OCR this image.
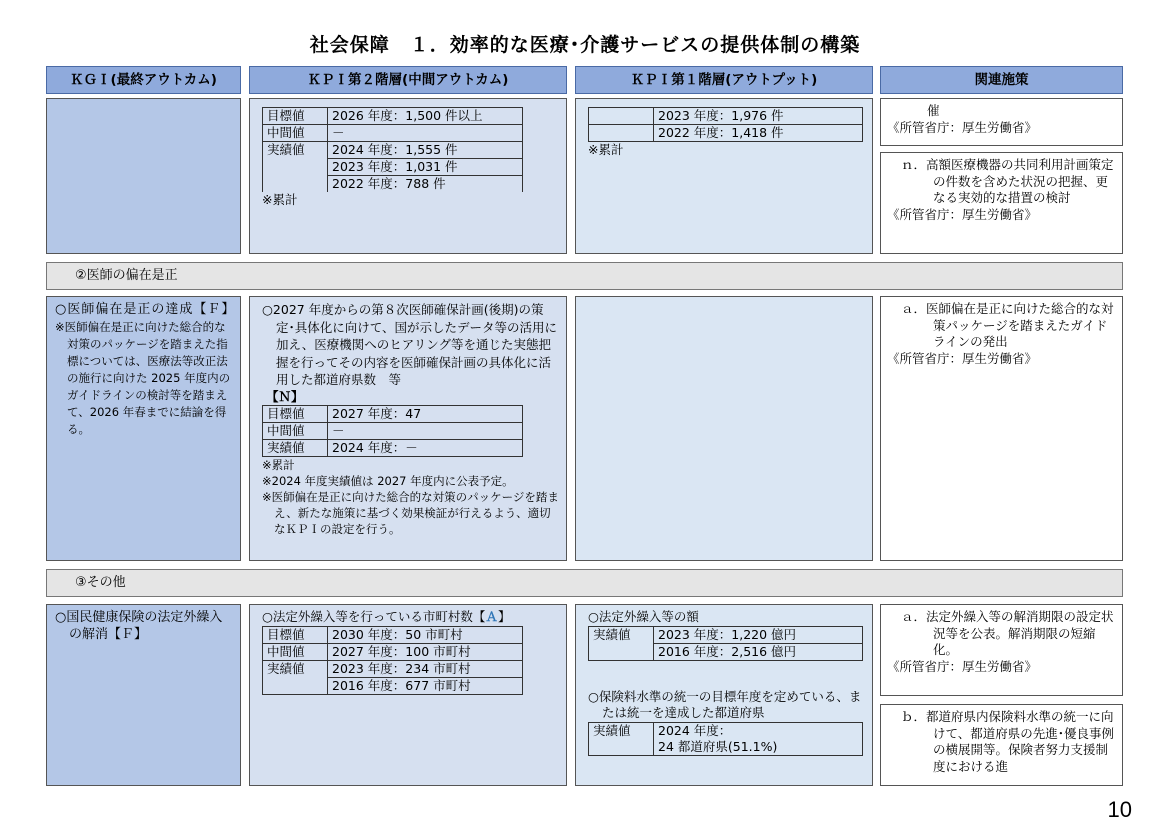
社会保障　１．効率的な医療･介護サービスの提供体制の構築
ＫＧＩ(最終アウトカム)	ＫＰＩ第２階層(中間アウトカム)	ＫＰＩ第１階層(アウトプット)	関連施策
目標値	2026 年度：1,500 件以上
中間値	－
実績値	2024 年度：1,555 件
	2023 年度：1,031 件
	2022 年度：788 件
※累計
	2023 年度：1,976 件
	2022 年度：1,418 件
※累計
催
《所管省庁：厚生労働省》
ｎ．高額医療機器の共同利用計画策定の件数を含めた状況の把握、更なる実効的な措置の検討
《所管省庁：厚生労働省》
②医師の偏在是正
○医師偏在是正の達成【Ｆ】
※医師偏在是正に向けた総合的な対策のパッケージを踏まえた指標については、医療法等改正法の施行に向けた 2025 年度内のガイドラインの検討等を踏まえて、2026 年春までに結論を得る。
○2027 年度からの第８次医師確保計画(後期)の策定･具体化に向けて、国が示したデータ等の活用に加え、医療機関へのヒアリング等を通じた実態把握を行ってその内容を医師確保計画の具体化に活用した都道府県数　等
【Ｎ】
目標値	2027 年度：47
中間値	－
実績値	2024 年度：－
※累計
※2024 年度実績値は 2027 年度内に公表予定。
※医師偏在是正に向けた総合的な対策のパッケージを踏まえ、新たな施策に基づく効果検証が行えるよう、適切なＫＰＩの設定を行う。
ａ．医師偏在是正に向けた総合的な対策パッケージを踏まえたガイドラインの発出
《所管省庁：厚生労働省》
③その他
○国民健康保険の法定外繰入の解消【Ｆ】
○法定外繰入等を行っている市町村数【Ａ】
目標値	2030 年度：50 市町村
中間値	2027 年度：100 市町村
実績値	2023 年度：234 市町村
	2016 年度：677 市町村
○法定外繰入等の額
実績値	2023 年度：1,220 億円
	2016 年度：2,516 億円
○保険料水準の統一の目標年度を定めている、または統一を達成した都道府県
実績値	2024 年度：
	24 都道府県(51.1%)
ａ．法定外繰入等の解消期限の設定状況等を公表。解消期限の短縮化。
《所管省庁：厚生労働省》
ｂ．都道府県内保険料水準の統一に向けて、都道府県の先進･優良事例の横展開等。保険者努力支援制度における進
10
